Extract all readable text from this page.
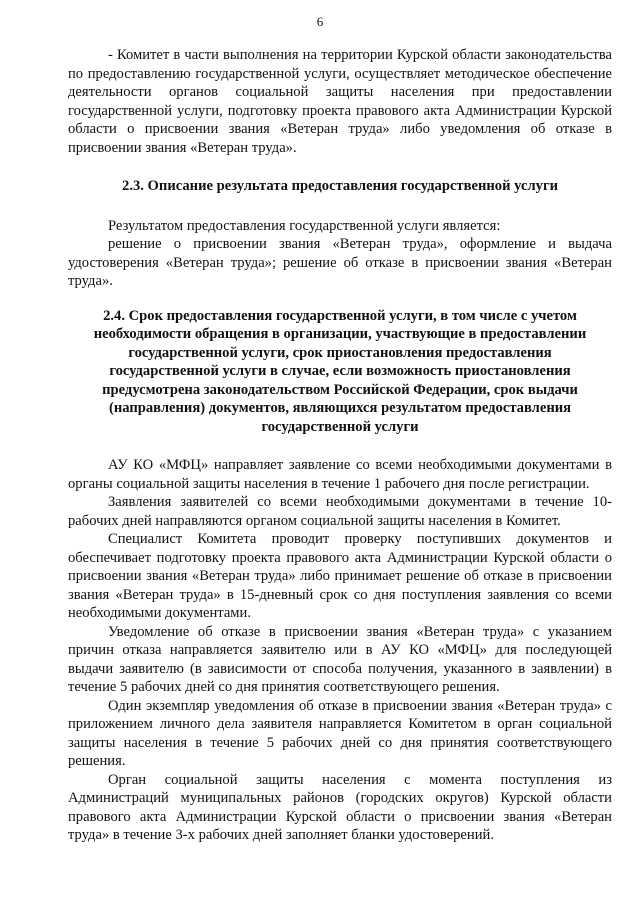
6

- Комитет в части выполнения на территории Курской области законодательства по предоставлению государственной услуги, осуществляет методическое обеспечение деятельности органов социальной защиты населения при предоставлении государственной услуги, подготовку проекта правового акта Администрации Курской области о присвоении звания «Ветеран труда» либо уведомления об отказе в присвоении звания «Ветеран труда».

2.3. Описание результата предоставления государственной услуги

Результатом предоставления государственной услуги является:

решение о присвоении звания «Ветеран труда», оформление и выдача удостоверения «Ветеран труда»; решение об отказе в присвоении звания «Ветеран труда».

2.4. Срок предоставления государственной услуги, в том числе с учетом необходимости обращения в организации, участвующие в предоставлении государственной услуги, срок приостановления предоставления государственной услуги в случае, если возможность приостановления предусмотрена законодательством Российской Федерации, срок выдачи (направления) документов, являющихся результатом предоставления государственной услуги

АУ КО «МФЦ» направляет заявление со всеми необходимыми документами в органы социальной защиты населения в течение 1 рабочего дня после регистрации.

Заявления заявителей со всеми необходимыми документами в течение 10-рабочих дней направляются органом социальной защиты населения в Комитет.

Специалист Комитета проводит проверку поступивших документов и обеспечивает подготовку проекта правового акта Администрации Курской области о присвоении звания «Ветеран труда» либо принимает решение об отказе в присвоении звания «Ветеран труда» в 15-дневный срок со дня поступления заявления со всеми необходимыми документами.

Уведомление об отказе в присвоении звания «Ветеран труда» с указанием причин отказа направляется заявителю или в АУ КО «МФЦ» для последующей выдачи заявителю (в зависимости от способа получения, указанного в заявлении) в течение 5 рабочих дней со дня принятия соответствующего решения.

Один экземпляр уведомления об отказе в присвоении звания «Ветеран труда» с приложением личного дела заявителя направляется Комитетом в орган социальной защиты населения в течение 5 рабочих дней со дня принятия соответствующего решения.

Орган социальной защиты населения с момента поступления из Администраций муниципальных районов (городских округов) Курской области правового акта Администрации Курской области о присвоении звания «Ветеран труда» в течение 3-х рабочих дней заполняет бланки удостоверений.
